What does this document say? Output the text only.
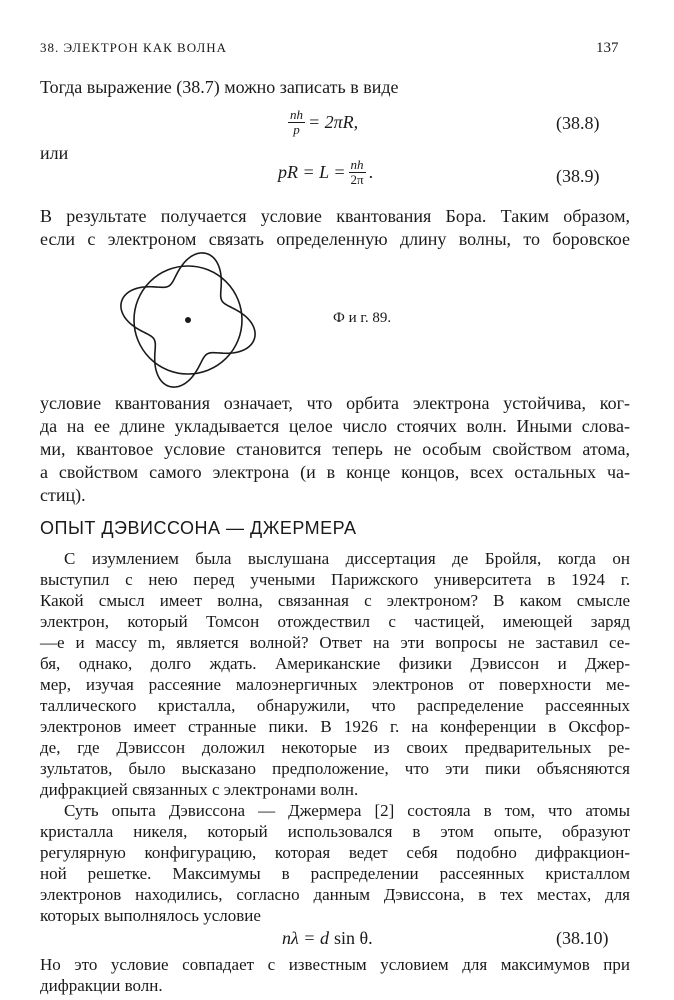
38. ЭЛЕКТРОН КАК ВОЛНА	137
Тогда выражение (38.7) можно записать в виде
$\frac{nh}{p} = 2\pi R$,	(38.8)
или
pR = $L = \frac{nh}{2\pi}$ .	(38.9)
В результате получается условие квантования Бора. Таким образом,
если с электроном связать определенную длину волны, то боровское
Ф и г. 89.
условие квантования означает, что орбита электрона устойчива, ког-
да на ее длине укладывается целое число стоячих волн. Иными слова-
ми, квантовое условие становится теперь не особым свойством атома,
а свойством самого электрона (и в конце концов, всех остальных ча-
стиц).
ОПЫТ ДЭВИССОНА — ДЖЕРМЕРА
С изумлением была выслушана диссертация де Бройля, когда он
выступил с нею перед учеными Парижского университета в 1924 г.
Какой смысл имеет волна, связанная с электроном? В каком смысле
электрон, который Томсон отождествил с частицей, имеющей заряд
—e и массу m, является волной? Ответ на эти вопросы не заставил се-
бя, однако, долго ждать. Американские физики Дэвиссон и Джер-
мер, изучая рассеяние малоэнергичных электронов от поверхности ме-
таллического кристалла, обнаружили, что распределение рассеянных
электронов имеет странные пики. В 1926 г. на конференции в Оксфор-
де, где Дэвиссон доложил некоторые из своих предварительных ре-
зультатов, было высказано предположение, что эти пики объясняются
дифракцией связанных с электронами волн.
Суть опыта Дэвиссона — Джермера [2] состояла в том, что атомы
кристалла никеля, который использовался в этом опыте, образуют
регулярную конфигурацию, которая ведет себя подобно дифракцион-
ной решетке. Максимумы в распределении рассеянных кристаллом
электронов находились, согласно данным Дэвиссона, в тех местах, для
которых выполнялось условие
nλ = d sin θ.	(38.10)
Но это условие совпадает с известным условием для максимумов при
дифракции волн.
